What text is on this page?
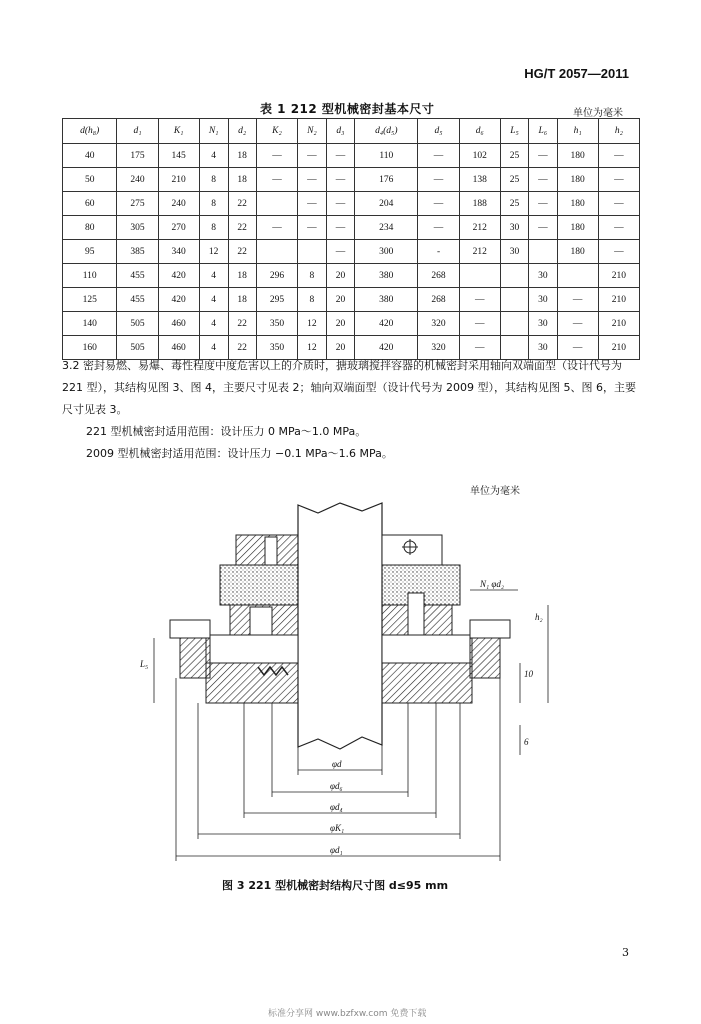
HG/T 2057—2011
表 1 212 型机械密封基本尺寸	单位为毫米
d(h₈)	d₁	K₁	N₁	d₂	K₂	N₂	d₃	d₄(d₅)	d₅	d₆	L₅	L₆	h₁	h₂
40	175	145	4	18	—	—	—	110	—	102	25	—	180	—
50	240	210	8	18	—	—	—	176	—	138	25	—	180	—
60	275	240	8	22		—	—	204	—	188	25	—	180	—
80	305	270	8	22	—	—	—	234	—	212	30	—	180	—
95	385	340	12	22			—	300	-	212	30		180	—
110	455	420	4	18	296	8	20	380	268			30		210
125	455	420	4	18	295	8	20	380	268	—		30	—	210
140	505	460	4	22	350	12	20	420	320	—		30	—	210
160	505	460	4	22	350	12	20	420	320	—		30	—	210
3.2 密封易燃、易爆、毒性程度中度危害以上的介质时，搪玻璃搅拌容器的机械密封采用轴向双端面型（设计代号为 221 型），其结构见图 3、图 4，主要尺寸见表 2；轴向双端面型（设计代号为 2009 型），其结构见图 5、图 6，主要尺寸见表 3。
221 型机械密封适用范围：设计压力 0 MPa～1.0 MPa。
2009 型机械密封适用范围：设计压力 −0.1 MPa～1.6 MPa。
单位为毫米
φd
φd₆
φd₄
φK₁
φd₁
L₅
h₂
10
6
N₁ φd₂
图 3 221 型机械密封结构尺寸图 d≤95 mm
3
标准分享网 www.bzfxw.com 免费下载
